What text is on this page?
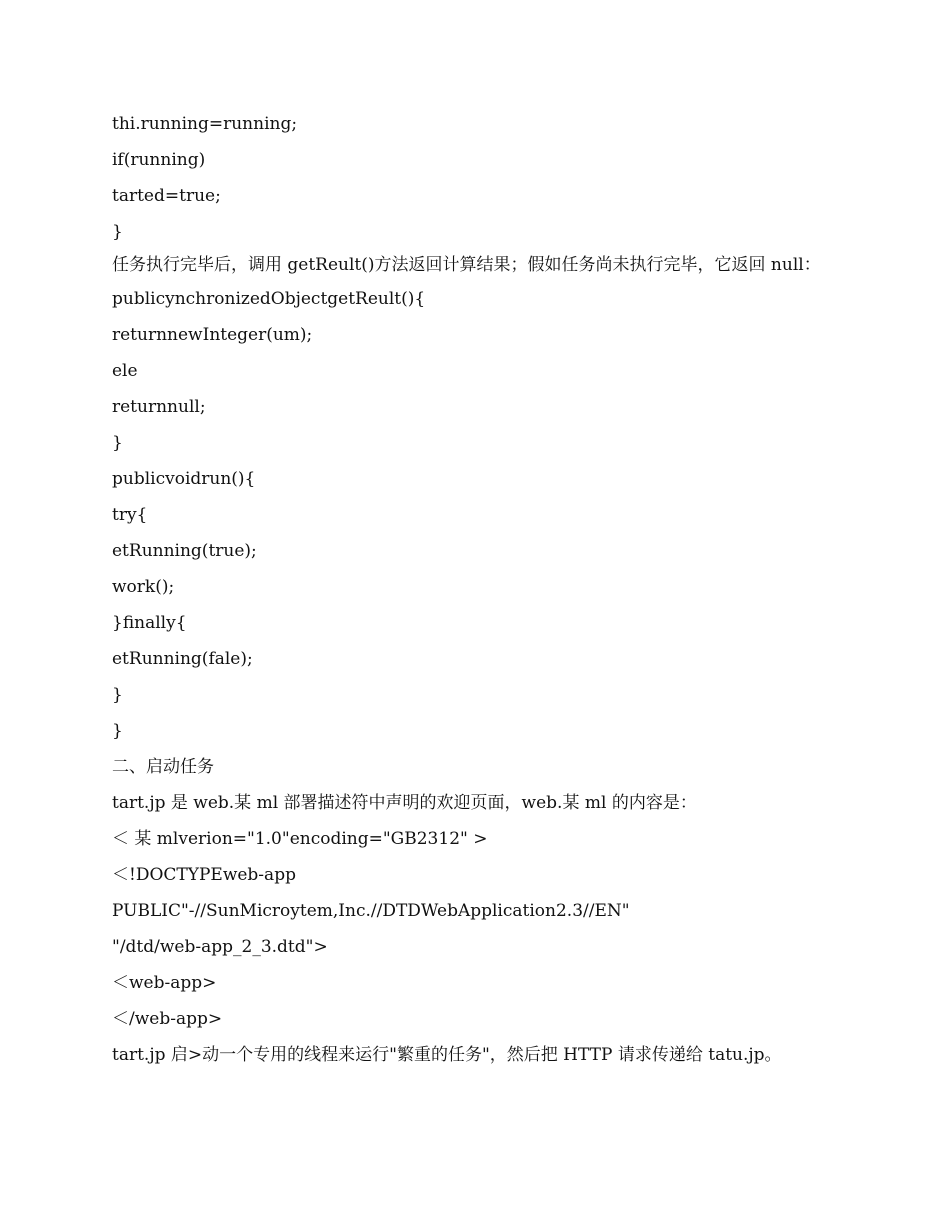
thi.running=running;
if(running)
tarted=true;
}
任务执行完毕后，调用 getReult()方法返回计算结果；假如任务尚未执行完毕，它返回 null：
publicynchronizedObjectgetReult(){
returnnewInteger(um);
ele
returnnull;
}
publicvoidrun(){
try{
etRunning(true);
work();
}finally{
etRunning(fale);
}
}
二、启动任务
tart.jp 是 web.某 ml 部署描述符中声明的欢迎页面，web.某 ml 的内容是：
＜ 某 mlverion="1.0"encoding="GB2312" >
＜!DOCTYPEweb-app
PUBLIC"-//SunMicroytem,Inc.//DTDWebApplication2.3//EN"
"/dtd/web-app_2_3.dtd">
＜web-app>
＜/web-app>
tart.jp 启>动一个专用的线程来运行"繁重的任务"，然后把 HTTP 请求传递给 tatu.jp。
